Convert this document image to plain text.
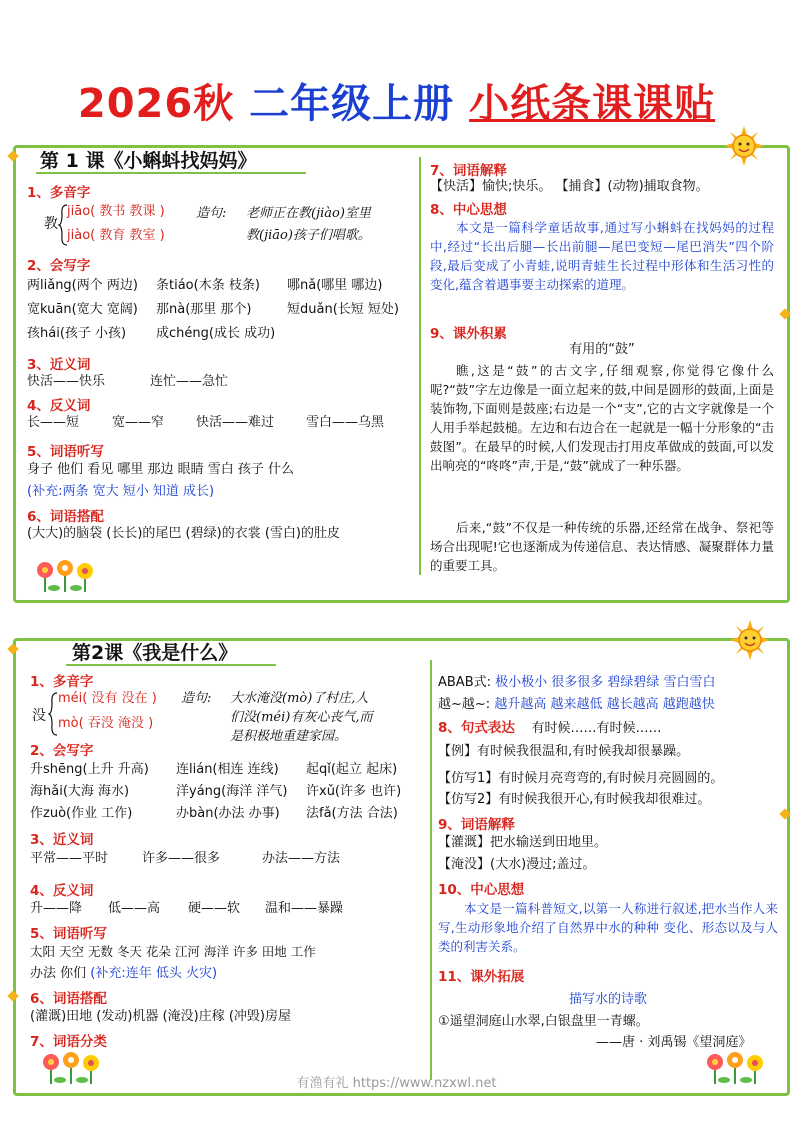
2026秋 二年级上册 小纸条课课贴
第 1 课《小蝌蚪找妈妈》
1、多音字
教
jiāo( 教书 教课 )
jiào( 教育 教室 )
造句: 老师正在教(jiào)室里
教(jiāo)孩子们唱歌。
2、会写字
两liǎng(两个 两边) 条tiáo(木条 枝条) 哪nǎ(哪里 哪边)
宽kuān(宽大 宽阔) 那nà(那里 那个)	短duǎn(长短 短处)
孩hái(孩子 小孩) 成chéng(成长 成功)
3、近义词
快活——快乐	连忙——急忙
4、反义词
长——短	宽——窄 快活——难过 雪白——乌黑
5、词语听写
身子 他们 看见 哪里 那边 眼睛 雪白 孩子 什么
(补充:两条 宽大 短小 知道 成长)
6、词语搭配
(大大)的脑袋 (长长)的尾巴 (碧绿)的衣裳 (雪白)的肚皮
7、词语解释
【快活】愉快;快乐。 【捕食】(动物)捕取食物。
8、中心思想
本文是一篇科学童话故事,通过写小蝌蚪在找妈妈的过程中,经过“长出后腿—长出前腿—尾巴变短—尾巴消失”四个阶段,最后变成了小青蛙,说明青蛙生长过程中形体和生活习性的变化,蕴含着遇事要主动探索的道理。
9、课外积累
有用的“鼓”
瞧,这是“鼓”的古文字,仔细观察,你觉得它像什么呢?“鼓”字左边像是一面立起来的鼓,中间是圆形的鼓面,上面是装饰物,下面则是鼓座;右边是一个“支”,它的古文字就像是一个人用手举起鼓槌。左边和右边合在一起就是一幅十分形象的“击鼓图”。在最早的时候,人们发现击打用皮革做成的鼓面,可以发出响亮的“咚咚”声,于是,“鼓”就成了一种乐器。
后来,“鼓”不仅是一种传统的乐器,还经常在战争、祭祀等场合出现呢!它也逐渐成为传递信息、表达情感、凝聚群体力量的重要工具。
第2课《我是什么》
1、多音字
没
méi( 没有 没在 )
mò( 吞没 淹没 )
造句: 大水淹没(mò)了村庄,人
们没(méi)有灰心丧气,而
是积极地重建家园。
2、会写字
升shēng(上升 升高) 连lián(相连 连线) 起qǐ(起立 起床)
海hǎi(大海 海水)	洋yáng(海洋 洋气) 许xǔ(许多 也许)
作zuò(作业 工作)	办bàn(办法 办事) 法fǎ(方法 合法)
3、近义词
平常——平时	许多——很多	办法——方法
4、反义词
升——降 低——高 硬——软 温和——暴躁
5、词语听写
太阳 天空 无数 冬天 花朵 江河 海洋 许多 田地 工作
办法 你们 (补充:连年 低头 火灾)
6、词语搭配
(灌溉)田地 (发动)机器 (淹没)庄稼 (冲毁)房屋
7、词语分类
ABAB式: 极小极小 很多很多 碧绿碧绿 雪白雪白
越~越~: 越升越高 越来越低 越长越高 越跑越快
8、句式表达 有时候……有时候……
【例】有时候我很温和,有时候我却很暴躁。
【仿写1】有时候月亮弯弯的,有时候月亮圆圆的。
【仿写2】有时候我很开心,有时候我却很难过。
9、词语解释
【灌溉】把水输送到田地里。
【淹没】(大水)漫过;盖过。
10、中心思想
本文是一篇科普短文,以第一人称进行叙述,把水当作人来写,生动形象地介绍了自然界中水的种种 变化、形态以及与人类的利害关系。
11、课外拓展
描写水的诗歌
①遥望洞庭山水翠,白银盘里一青螺。
——唐 · 刘禹锡《望洞庭》
有渔有礼 https://www.nzxwl.net
